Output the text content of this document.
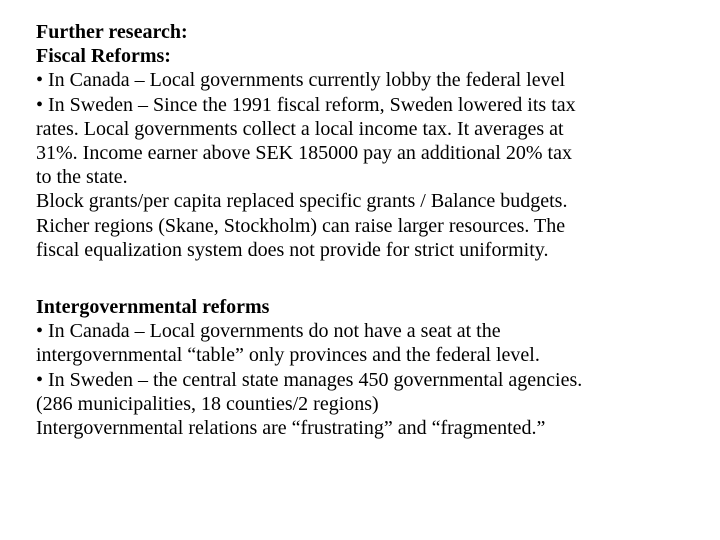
Further research:
Fiscal Reforms:
• In Canada – Local governments currently lobby the federal level
• In Sweden – Since the 1991 fiscal reform, Sweden lowered its tax
rates. Local governments collect a local income tax. It averages at
31%. Income earner above SEK 185000 pay an additional 20% tax
to the state.
Block grants/per capita replaced specific grants / Balance budgets.
Richer regions (Skane, Stockholm) can raise larger resources. The
fiscal equalization system does not provide for strict uniformity.
Intergovernmental reforms
• In Canada – Local governments do not have a seat at the
intergovernmental “table” only provinces and the federal level.
• In Sweden – the central state manages 450 governmental agencies.
(286 municipalities, 18 counties/2 regions)
Intergovernmental relations are “frustrating” and “fragmented.”
